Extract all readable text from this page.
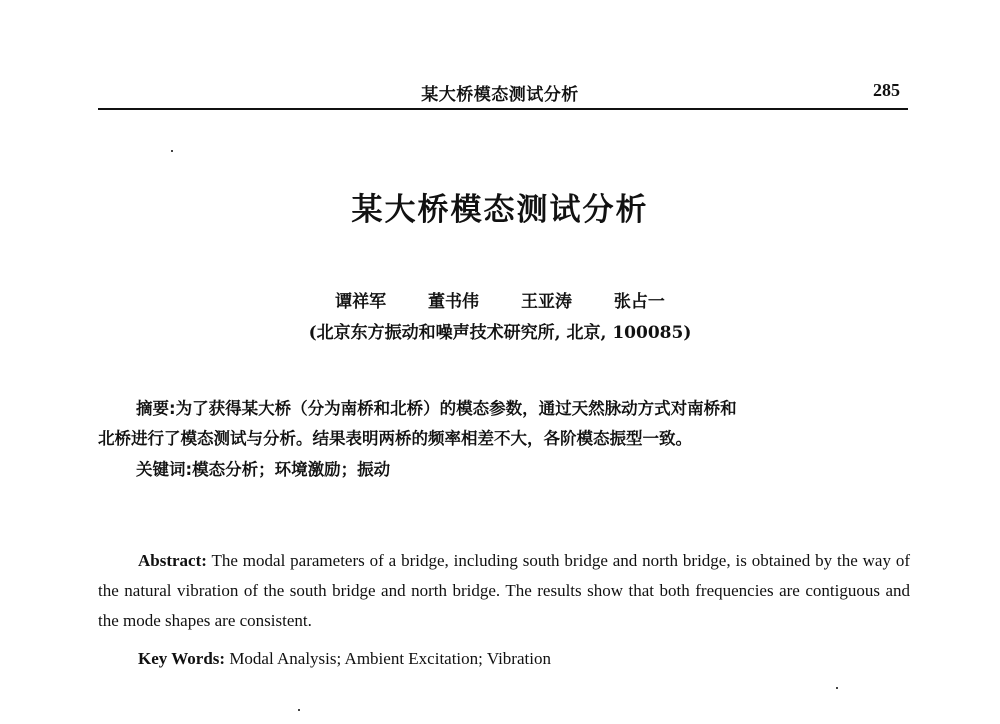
某大桥模态测试分析	285
某大桥模态测试分析
谭祥军 董书伟 王亚涛 张占一
(北京东方振动和噪声技术研究所, 北京, 100085)
摘要:为了获得某大桥（分为南桥和北桥）的模态参数，通过天然脉动方式对南桥和
北桥进行了模态测试与分析。结果表明两桥的频率相差不大，各阶模态振型一致。
关键词:模态分析；环境激励；振动
Abstract: The modal parameters of a bridge, including south bridge and north bridge, is obtained by the way of the natural vibration of the south bridge and north bridge. The results show that both frequencies are contiguous and the mode shapes are consistent.
Key Words: Modal Analysis; Ambient Excitation; Vibration
